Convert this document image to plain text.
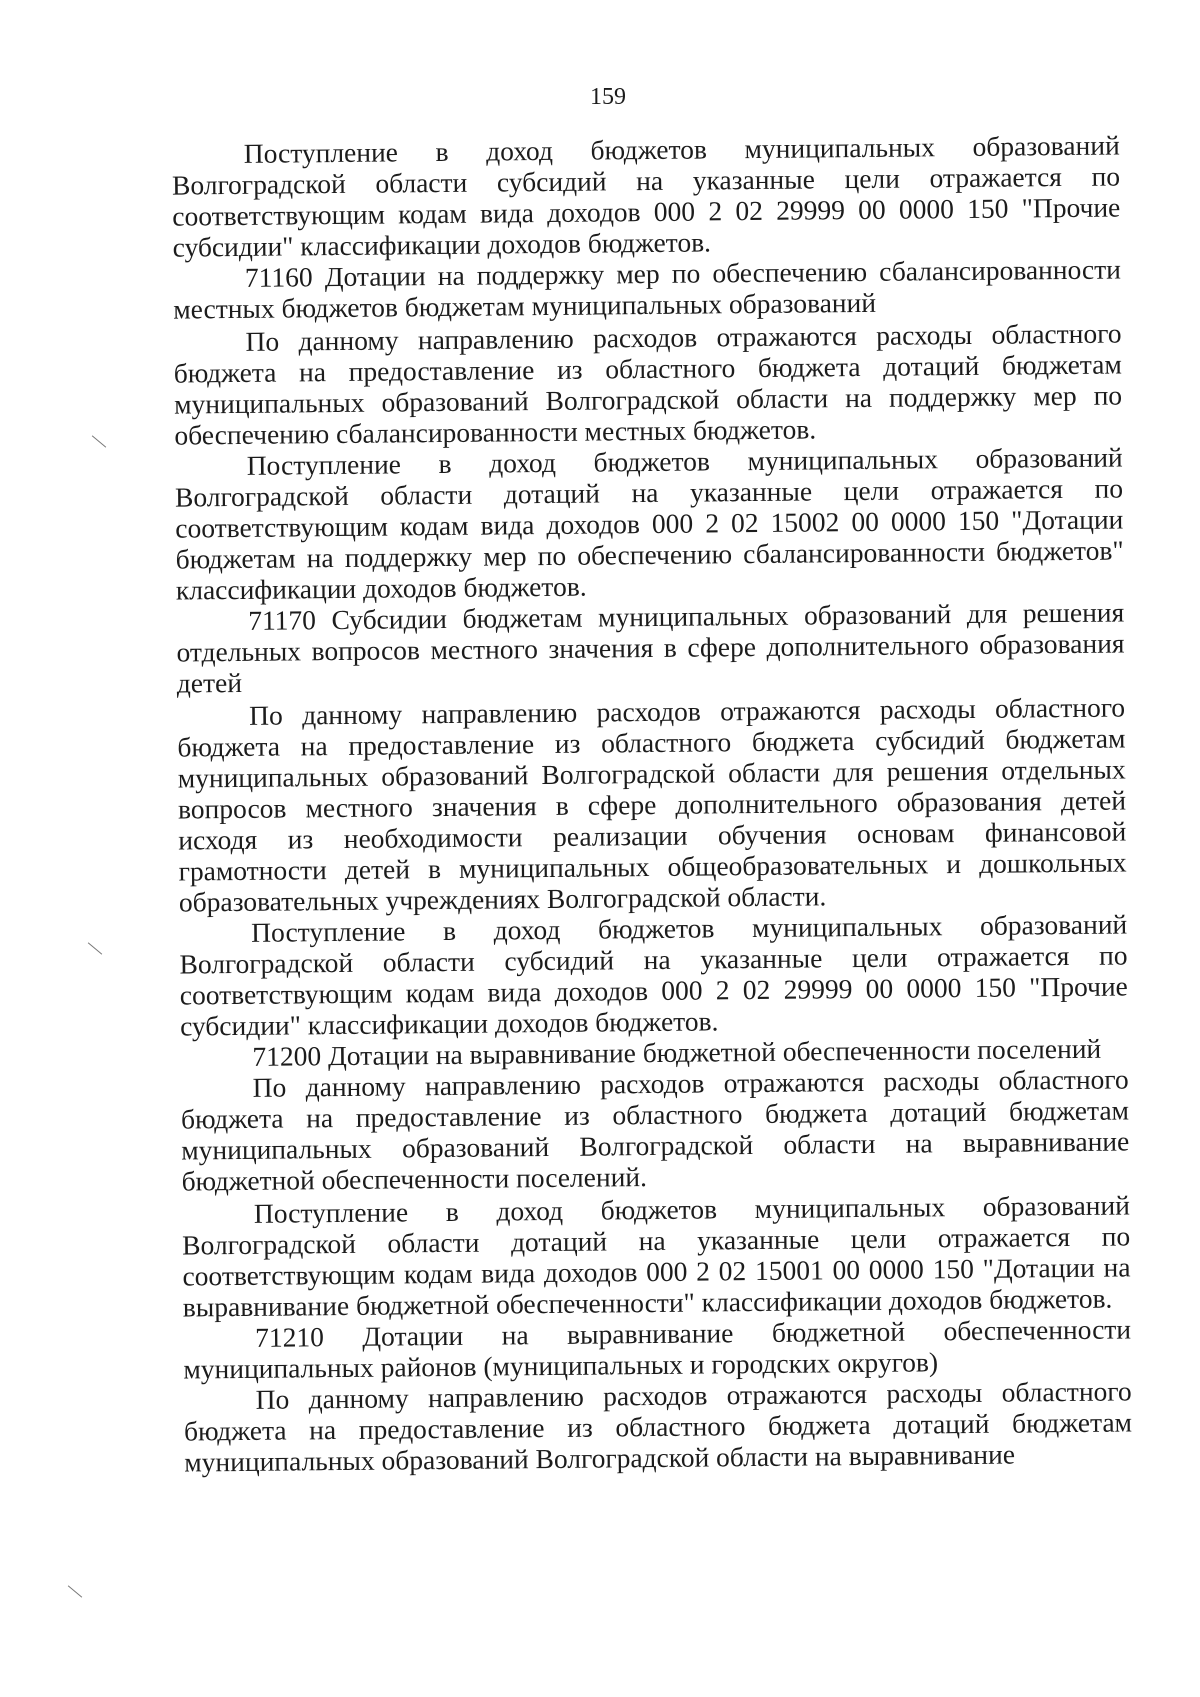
159

Поступление в доход бюджетов муниципальных образований Волгоградской области субсидий на указанные цели отражается по соответствующим кодам вида доходов 000 2 02 29999 00 0000 150 "Прочие субсидии" классификации доходов бюджетов.

71160 Дотации на поддержку мер по обеспечению сбалансированности местных бюджетов бюджетам муниципальных образований

По данному направлению расходов отражаются расходы областного бюджета на предоставление из областного бюджета дотаций бюджетам муниципальных образований Волгоградской области на поддержку мер по обеспечению сбалансированности местных бюджетов.

Поступление в доход бюджетов муниципальных образований Волгоградской области дотаций на указанные цели отражается по соответствующим кодам вида доходов 000 2 02 15002 00 0000 150 "Дотации бюджетам на поддержку мер по обеспечению сбалансированности бюджетов" классификации доходов бюджетов.

71170 Субсидии бюджетам муниципальных образований для решения отдельных вопросов местного значения в сфере дополнительного образования детей

По данному направлению расходов отражаются расходы областного бюджета на предоставление из областного бюджета субсидий бюджетам муниципальных образований Волгоградской области для решения отдельных вопросов местного значения в сфере дополнительного образования детей исходя из необходимости реализации обучения основам финансовой грамотности детей в муниципальных общеобразовательных и дошкольных образовательных учреждениях Волгоградской области.

Поступление в доход бюджетов муниципальных образований Волгоградской области субсидий на указанные цели отражается по соответствующим кодам вида доходов 000 2 02 29999 00 0000 150 "Прочие субсидии" классификации доходов бюджетов.

71200 Дотации на выравнивание бюджетной обеспеченности поселений

По данному направлению расходов отражаются расходы областного бюджета на предоставление из областного бюджета дотаций бюджетам муниципальных образований Волгоградской области на выравнивание бюджетной обеспеченности поселений.

Поступление в доход бюджетов муниципальных образований Волгоградской области дотаций на указанные цели отражается по соответствующим кодам вида доходов 000 2 02 15001 00 0000 150 "Дотации на выравнивание бюджетной обеспеченности" классификации доходов бюджетов.

71210 Дотации на выравнивание бюджетной обеспеченности муниципальных районов (муниципальных и городских округов)

По данному направлению расходов отражаются расходы областного бюджета на предоставление из областного бюджета дотаций бюджетам муниципальных образований Волгоградской области на выравнивание
